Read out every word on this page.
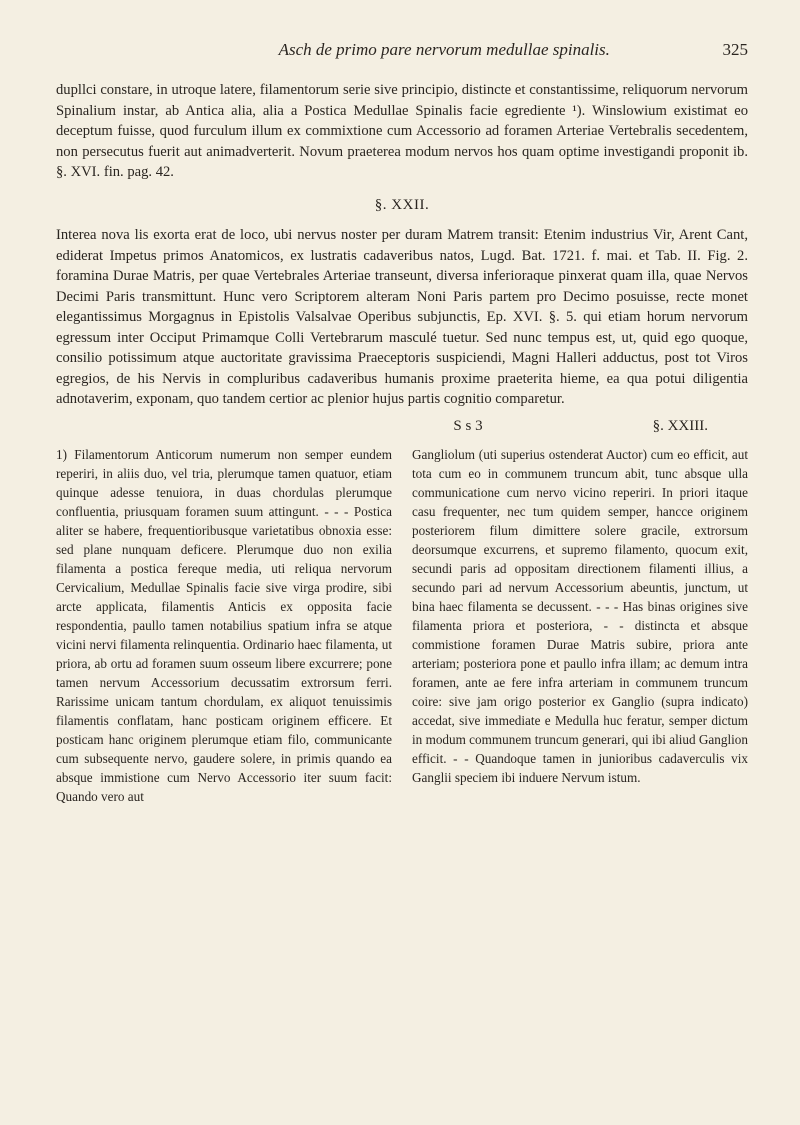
Asch de primo pare nervorum medullae spinalis.	325

dupllci constare, in utroque latere, filamentorum serie sive principio, distincte et constantissime, reliquorum nervorum Spinalium instar, ab Antica alia, alia a Postica Medullae Spinalis facie egrediente ¹). Winslowium existimat eo deceptum fuisse, quod furculum illum ex commixtione cum Accessorio ad foramen Arteriae Vertebralis secedentem, non persecutus fuerit aut animadverterit. Novum praeterea modum nervos hos quam optime investigandi proponit ib. §. XVI. fin. pag. 42.

§. XXII.

Interea nova lis exorta erat de loco, ubi nervus noster per duram Matrem transit: Etenim industrius Vir, Arent Cant, ediderat Impetus primos Anatomicos, ex lustratis cadaveribus natos, Lugd. Bat. 1721. f. mai. et Tab. II. Fig. 2. foramina Durae Matris, per quae Vertebrales Arteriae transeunt, diversa inferioraque pinxerat quam illa, quae Nervos Decimi Paris transmittunt. Hunc vero Scriptorem alteram Noni Paris partem pro Decimo posuisse, recte monet elegantissimus Morgagnus in Epistolis Valsalvae Operibus subjunctis, Ep. XVI. §. 5. qui etiam horum nervorum egressum inter Occiput Primamque Colli Vertebrarum masculé tuetur. Sed nunc tempus est, ut, quid ego quoque, consilio potissimum atque auctoritate gravissima Praeceptoris suspiciendi, Magni Halleri adductus, post tot Viros egregios, de his Nervis in compluribus cadaveribus humanis proxime praeterita hieme, ea qua potui diligentia adnotaverim, exponam, quo tandem certior ac plenior hujus partis cognitio comparetur.

S s 3	§. XXIII.

1) Filamentorum Anticorum numerum non semper eundem reperiri, in aliis duo, vel tria, plerumque tamen quatuor, etiam quinque adesse tenuiora, in duas chordulas plerumque confluentia, priusquam foramen suum attingunt. - - - Postica aliter se habere, frequentioribusque varietatibus obnoxia esse: sed plane nunquam deficere. Plerumque duo non exilia filamenta a postica fereque media, uti reliqua nervorum Cervicalium, Medullae Spinalis facie sive virga prodire, sibi arcte applicata, filamentis Anticis ex opposita facie respondentia, paullo tamen notabilius spatium infra se atque vicini nervi filamenta relinquentia. Ordinario haec filamenta, ut priora, ab ortu ad foramen suum osseum libere excurrere; pone tamen nervum Accessorium decussatim extrorsum ferri. Rarissime unicam tantum chordulam, ex aliquot tenuissimis filamentis conflatam, hanc posticam originem efficere. Et posticam hanc originem plerumque etiam filo, communicante cum subsequente nervo, gaudere solere, in primis quando ea absque immistione cum Nervo Accessorio iter suum facit: Quando vero aut

Gangliolum (uti superius ostenderat Auctor) cum eo efficit, aut tota cum eo in communem truncum abit, tunc absque ulla communicatione cum nervo vicino reperiri. In priori itaque casu frequenter, nec tum quidem semper, hancce originem posteriorem filum dimittere solere gracile, extrorsum deorsumque excurrens, et supremo filamento, quocum exit, secundi paris ad oppositam directionem filamenti illius, a secundo pari ad nervum Accessorium abeuntis, junctum, ut bina haec filamenta se decussent. - - - Has binas origines sive filamenta priora et posteriora, - - distincta et absque commistione foramen Durae Matris subire, priora ante arteriam; posteriora pone et paullo infra illam; ac demum intra foramen, ante ae fere infra arteriam in communem truncum coire: sive jam origo posterior ex Ganglio (supra indicato) accedat, sive immediate e Medulla huc feratur, semper dictum in modum communem truncum generari, qui ibi aliud Ganglion efficit. - - Quandoque tamen in junioribus cadaverculis vix Ganglii speciem ibi induere Nervum istum.
